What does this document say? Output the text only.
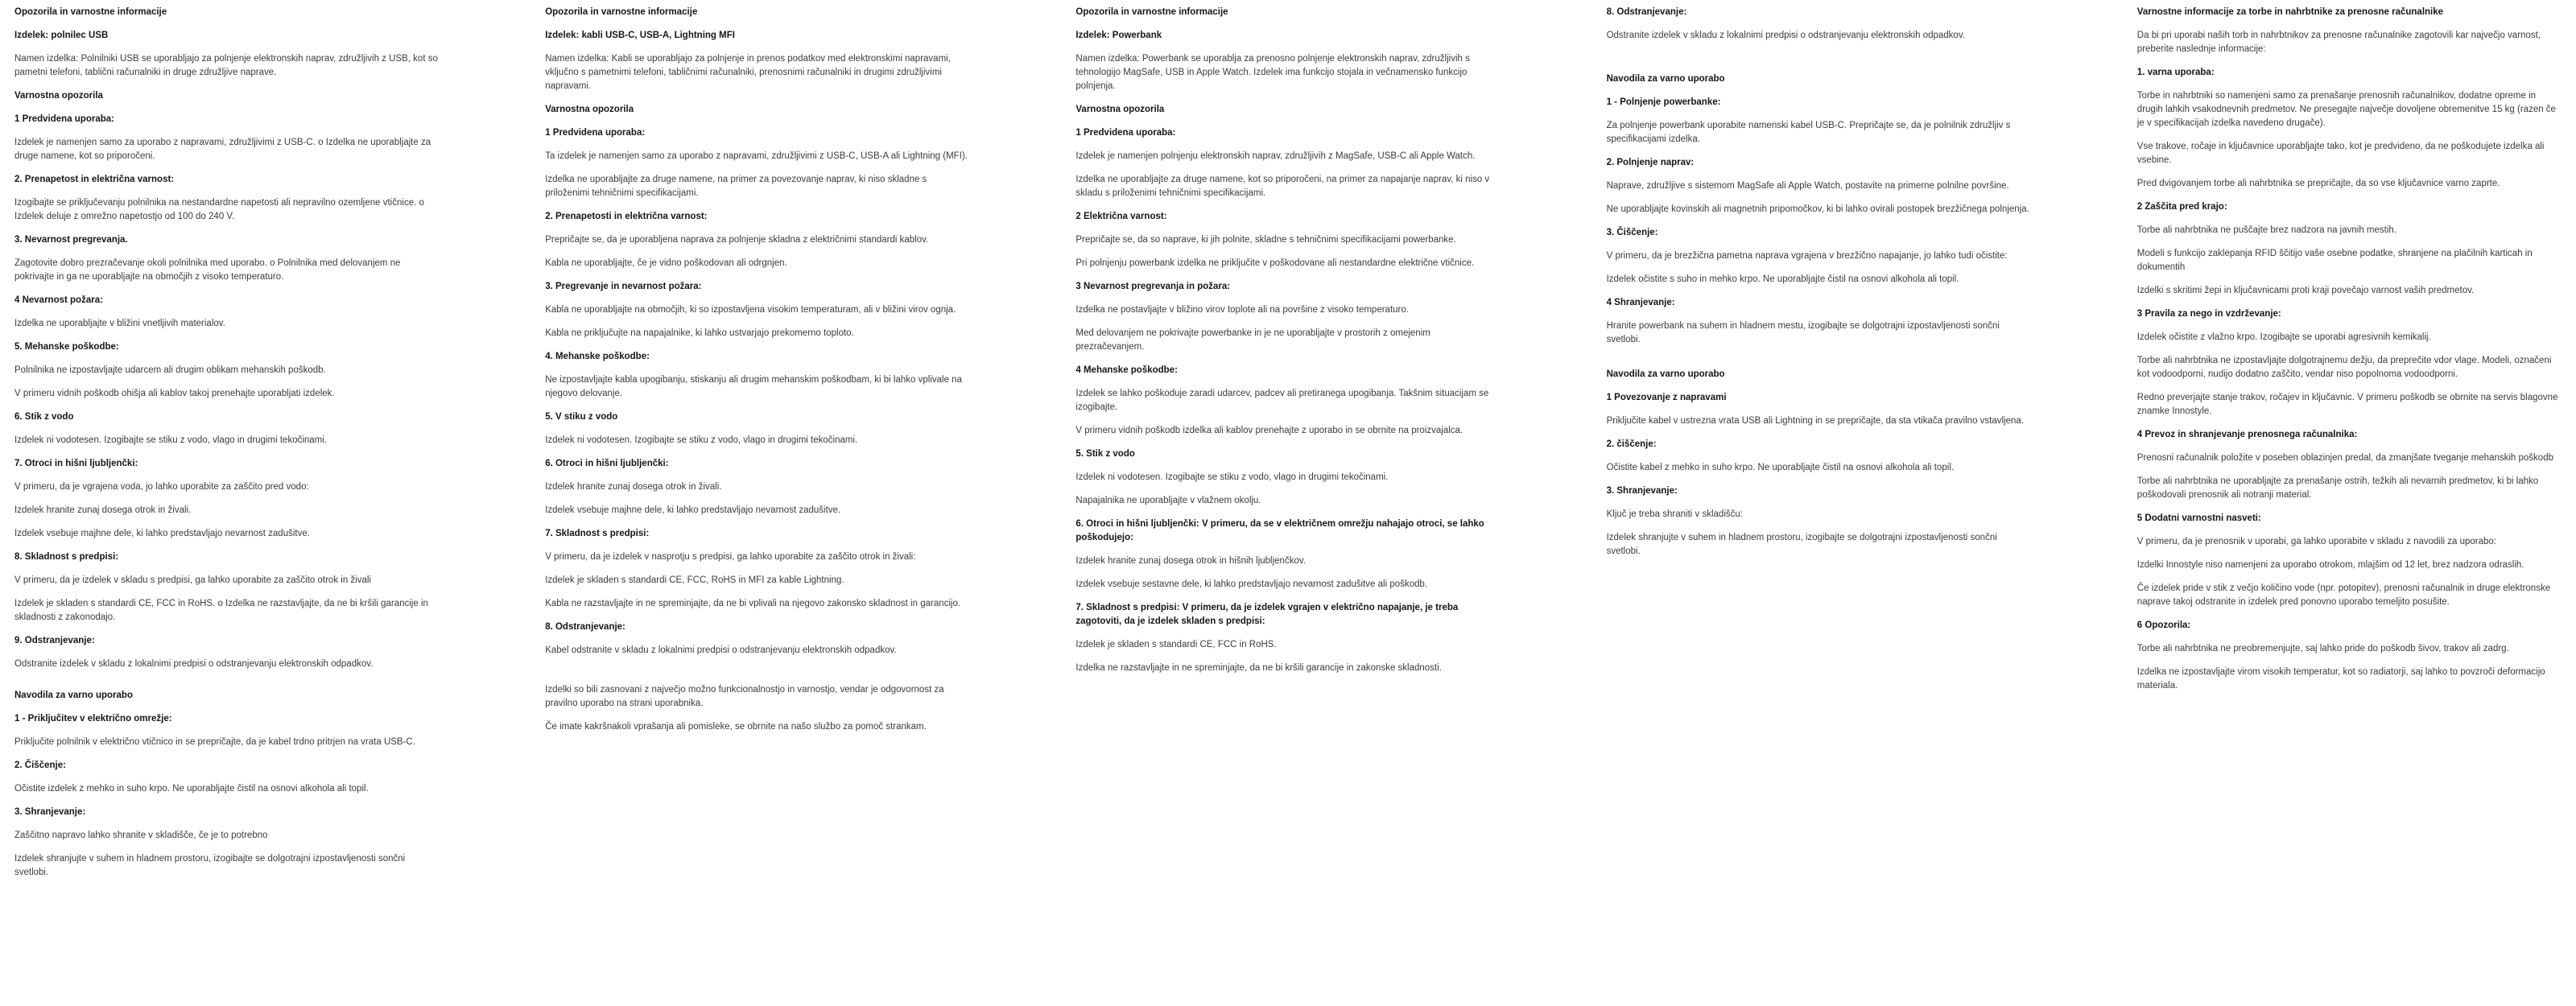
Opozorila in varnostne informacije

Izdelek: polnilec USB

Namen izdelka: Polnilniki USB se uporabljajo za polnjenje elektronskih naprav, združljivih z USB, kot so pametni telefoni, tablični računalniki in druge združljive naprave.

Varnostna opozorila

1 Predvidena uporaba:

Izdelek je namenjen samo za uporabo z napravami, združljivimi z USB-C. o Izdelka ne uporabljajte za druge namene, kot so priporočeni.

2. Prenapetost in električna varnost:

Izogibajte se priključevanju polnilnika na nestandardne napetosti ali nepravilno ozemljene vtičnice. o Izdelek deluje z omrežno napetostjo od 100 do 240 V.

3. Nevarnost pregrevanja.

Zagotovite dobro prezračevanje okoli polnilnika med uporabo. o Polnilnika med delovanjem ne pokrivajte in ga ne uporabljajte na območjih z visoko temperaturo.

4 Nevarnost požara:

Izdelka ne uporabljajte v bližini vnetljivih materialov.

5. Mehanske poškodbe:

Polnilnika ne izpostavljajte udarcem ali drugim oblikam mehanskih poškodb.

V primeru vidnih poškodb ohišja ali kablov takoj prenehajte uporabljati izdelek.

6. Stik z vodo

Izdelek ni vodotesen. Izogibajte se stiku z vodo, vlago in drugimi tekočinami.

7. Otroci in hišni ljubljenčki:

V primeru, da je vgrajena voda, jo lahko uporabite za zaščito pred vodo:

Izdelek hranite zunaj dosega otrok in živali.

Izdelek vsebuje majhne dele, ki lahko predstavljajo nevarnost zadušitve.

8. Skladnost s predpisi:

V primeru, da je izdelek v skladu s predpisi, ga lahko uporabite za zaščito otrok in živali

Izdelek je skladen s standardi CE, FCC in RoHS. o Izdelka ne razstavljajte, da ne bi kršili garancije in skladnosti z zakonodajo.

9. Odstranjevanje:

Odstranite izdelek v skladu z lokalnimi predpisi o odstranjevanju elektronskih odpadkov.

Navodila za varno uporabo

1 - Priključitev v električno omrežje:

Priključite polnilnik v električno vtičnico in se prepričajte, da je kabel trdno pritrjen na vrata USB-C.

2. Čiščenje:

Očistite izdelek z mehko in suho krpo. Ne uporabljajte čistil na osnovi alkohola ali topil.

3. Shranjevanje:

Zaščitno napravo lahko shranite v skladišče, če je to potrebno

Izdelek shranjujte v suhem in hladnem prostoru, izogibajte se dolgotrajni izpostavljenosti sončni svetlobi.

Opozorila in varnostne informacije

Izdelek: kabli USB-C, USB-A, Lightning MFI

Namen izdelka: Kabli se uporabljajo za polnjenje in prenos podatkov med elektronskimi napravami, vključno s pametnimi telefoni, tabličnimi računalniki, prenosnimi računalniki in drugimi združljivimi napravami.

Varnostna opozorila

1 Predvidena uporaba:

Ta izdelek je namenjen samo za uporabo z napravami, združljivimi z USB-C, USB-A ali Lightning (MFI).

Izdelka ne uporabljajte za druge namene, na primer za povezovanje naprav, ki niso skladne s priloženimi tehničnimi specifikacijami.

2. Prenapetosti in električna varnost:

Prepričajte se, da je uporabljena naprava za polnjenje skladna z električnimi standardi kablov.

Kabla ne uporabljajte, če je vidno poškodovan ali odrgnjen.

3. Pregrevanje in nevarnost požara:

Kabla ne uporabljajte na območjih, ki so izpostavljena visokim temperaturam, ali v bližini virov ognja.

Kabla ne priključujte na napajalnike, ki lahko ustvarjajo prekomerno toploto.

4. Mehanske poškodbe:

Ne izpostavljajte kabla upogibanju, stiskanju ali drugim mehanskim poškodbam, ki bi lahko vplivale na njegovo delovanje.

5. V stiku z vodo

Izdelek ni vodotesen. Izogibajte se stiku z vodo, vlago in drugimi tekočinami.

6. Otroci in hišni ljubljenčki:

Izdelek hranite zunaj dosega otrok in živali.

Izdelek vsebuje majhne dele, ki lahko predstavljajo nevarnost zadušitve.

7. Skladnost s predpisi:

V primeru, da je izdelek v nasprotju s predpisi, ga lahko uporabite za zaščito otrok in živali:

Izdelek je skladen s standardi CE, FCC, RoHS in MFI za kable Lightning.

Kabla ne razstavljajte in ne spreminjajte, da ne bi vplivali na njegovo zakonsko skladnost in garancijo.

8. Odstranjevanje:

Kabel odstranite v skladu z lokalnimi predpisi o odstranjevanju elektronskih odpadkov.

Izdelki so bili zasnovani z največjo možno funkcionalnostjo in varnostjo, vendar je odgovornost za pravilno uporabo na strani uporabnika.

Če imate kakršnakoli vprašanja ali pomisleke, se obrnite na našo službo za pomoč strankam.

Opozorila in varnostne informacije

Izdelek: Powerbank

Namen izdelka: Powerbank se uporablja za prenosno polnjenje elektronskih naprav, združljivih s tehnologijo MagSafe, USB in Apple Watch. Izdelek ima funkcijo stojala in večnamensko funkcijo polnjenja.

Varnostna opozorila

1 Predvidena uporaba:

Izdelek je namenjen polnjenju elektronskih naprav, združljivih z MagSafe, USB-C ali Apple Watch.

Izdelka ne uporabljajte za druge namene, kot so priporočeni, na primer za napajanje naprav, ki niso v skladu s priloženimi tehničnimi specifikacijami.

2 Električna varnost:

Prepričajte se, da so naprave, ki jih polnite, skladne s tehničnimi specifikacijami powerbanke.

Pri polnjenju powerbank izdelka ne priključite v poškodovane ali nestandardne električne vtičnice.

3 Nevarnost pregrevanja in požara:

Izdelka ne postavljajte v bližino virov toplote ali na površine z visoko temperaturo.

Med delovanjem ne pokrivajte powerbanke in je ne uporabljajte v prostorih z omejenim prezračevanjem.

4 Mehanske poškodbe:

Izdelek se lahko poškoduje zaradi udarcev, padcev ali pretiranega upogibanja. Takšnim situacijam se izogibajte.

V primeru vidnih poškodb izdelka ali kablov prenehajte z uporabo in se obrnite na proizvajalca.

5. Stik z vodo

Izdelek ni vodotesen. Izogibajte se stiku z vodo, vlago in drugimi tekočinami.

Napajalnika ne uporabljajte v vlažnem okolju.

6. Otroci in hišni ljubljenčki: V primeru, da se v električnem omrežju nahajajo otroci, se lahko poškodujejo:

Izdelek hranite zunaj dosega otrok in hišnih ljubljenčkov.

Izdelek vsebuje sestavne dele, ki lahko predstavljajo nevarnost zadušitve ali poškodb.

7. Skladnost s predpisi: V primeru, da je izdelek vgrajen v električno napajanje, je treba zagotoviti, da je izdelek skladen s predpisi:

Izdelek je skladen s standardi CE, FCC in RoHS.

Izdelka ne razstavljajte in ne spreminjajte, da ne bi kršili garancije in zakonske skladnosti.

8. Odstranjevanje:

Odstranite izdelek v skladu z lokalnimi predpisi o odstranjevanju elektronskih odpadkov.

Navodila za varno uporabo

1 - Polnjenje powerbanke:

Za polnjenje powerbank uporabite namenski kabel USB-C. Prepričajte se, da je polnilnik združljiv s specifikacijami izdelka.

2. Polnjenje naprav:

Naprave, združljive s sistemom MagSafe ali Apple Watch, postavite na primerne polnilne površine.

Ne uporabljajte kovinskih ali magnetnih pripomočkov, ki bi lahko ovirali postopek brezžičnega polnjenja.

3. Čiščenje:

V primeru, da je brezžična pametna naprava vgrajena v brezžično napajanje, jo lahko tudi očistite:

Izdelek očistite s suho in mehko krpo. Ne uporabljajte čistil na osnovi alkohola ali topil.

4 Shranjevanje:

Hranite powerbank na suhem in hladnem mestu, izogibajte se dolgotrajni izpostavljenosti sončni svetlobi.

Navodila za varno uporabo

1 Povezovanje z napravami

Priključite kabel v ustrezna vrata USB ali Lightning in se prepričajte, da sta vtikača pravilno vstavljena.

2. čiščenje:

Očistite kabel z mehko in suho krpo. Ne uporabljajte čistil na osnovi alkohola ali topil.

3. Shranjevanje:

Ključ je treba shraniti v skladišču:

Izdelek shranjujte v suhem in hladnem prostoru, izogibajte se dolgotrajni izpostavljenosti sončni svetlobi.

Varnostne informacije za torbe in nahrbtnike za prenosne računalnike

Da bi pri uporabi naših torb in nahrbtnikov za prenosne računalnike zagotovili kar največjo varnost, preberite naslednje informacije:

1. varna uporaba:

Torbe in nahrbtniki so namenjeni samo za prenašanje prenosnih računalnikov, dodatne opreme in drugih lahkih vsakodnevnih predmetov. Ne presegajte največje dovoljene obremenitve 15 kg (razen če je v specifikacijah izdelka navedeno drugače).

Vse trakove, ročaje in ključavnice uporabljajte tako, kot je predvideno, da ne poškodujete izdelka ali vsebine.

Pred dvigovanjem torbe ali nahrbtnika se prepričajte, da so vse ključavnice varno zaprte.

2 Zaščita pred krajo:

Torbe ali nahrbtnika ne puščajte brez nadzora na javnih mestih.

Modeli s funkcijo zaklepanja RFID ščitijo vaše osebne podatke, shranjene na plačilnih karticah in dokumentih

Izdelki s skritimi žepi in ključavnicami proti kraji povečajo varnost vaših predmetov.

3 Pravila za nego in vzdrževanje:

Izdelek očistite z vlažno krpo. Izogibajte se uporabi agresivnih kemikalij.

Torbe ali nahrbtnika ne izpostavljajte dolgotrajnemu dežju, da preprečite vdor vlage. Modeli, označeni kot vodoodporni, nudijo dodatno zaščito, vendar niso popolnoma vodoodporni.

Redno preverjajte stanje trakov, ročajev in ključavnic. V primeru poškodb se obrnite na servis blagovne znamke Innostyle.

4 Prevoz in shranjevanje prenosnega računalnika:

Prenosni računalnik položite v poseben oblazinjen predal, da zmanjšate tveganje mehanskih poškodb

Torbe ali nahrbtnika ne uporabljajte za prenašanje ostrih, težkih ali nevarnih predmetov, ki bi lahko poškodovali prenosnik ali notranji material.

5 Dodatni varnostni nasveti:

V primeru, da je prenosnik v uporabi, ga lahko uporabite v skladu z navodili za uporabo:

Izdelki Innostyle niso namenjeni za uporabo otrokom, mlajšim od 12 let, brez nadzora odraslih.

Če izdelek pride v stik z večjo količino vode (npr. potopitev), prenosni računalnik in druge elektronske naprave takoj odstranite in izdelek pred ponovno uporabo temeljito posušite.

6 Opozorila:

Torbe ali nahrbtnika ne preobremenjujte, saj lahko pride do poškodb šivov, trakov ali zadrg.

Izdelka ne izpostavljajte virom visokih temperatur, kot so radiatorji, saj lahko to povzroči deformacijo materiala.
